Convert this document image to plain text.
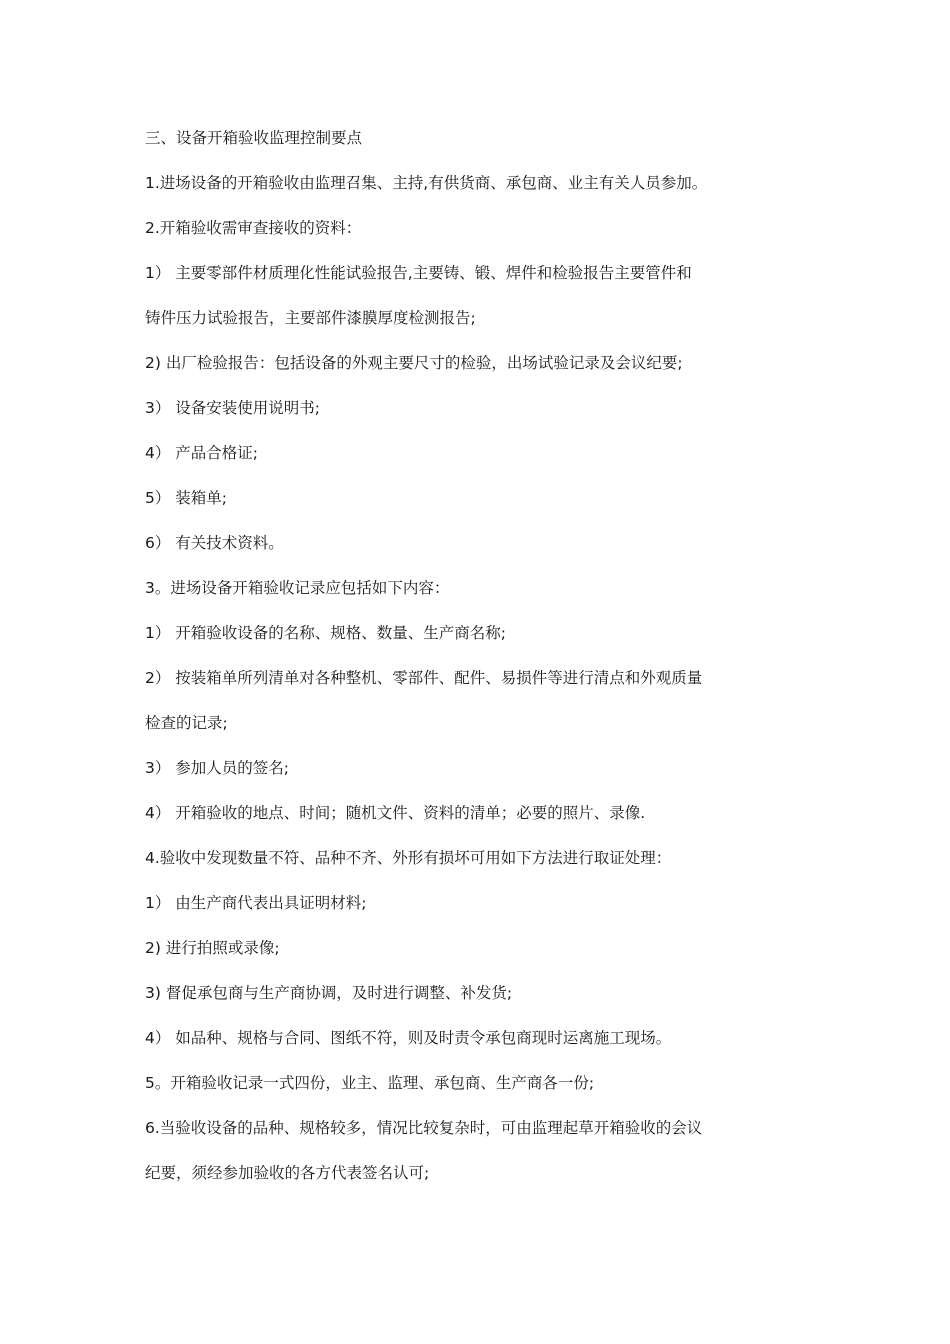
三、设备开箱验收监理控制要点
1.进场设备的开箱验收由监理召集、主持,有供货商、承包商、业主有关人员参加。
2.开箱验收需审查接收的资料：
1） 主要零部件材质理化性能试验报告,主要铸、锻、焊件和检验报告主要管件和
铸件压力试验报告，主要部件漆膜厚度检测报告;
2) 出厂检验报告：包括设备的外观主要尺寸的检验，出场试验记录及会议纪要;
3） 设备安装使用说明书;
4） 产品合格证;
5） 装箱单;
6） 有关技术资料。
3。进场设备开箱验收记录应包括如下内容：
1） 开箱验收设备的名称、规格、数量、生产商名称;
2） 按装箱单所列清单对各种整机、零部件、配件、易损件等进行清点和外观质量
检查的记录;
3） 参加人员的签名;
4） 开箱验收的地点、时间；随机文件、资料的清单；必要的照片、录像.
4.验收中发现数量不符、品种不齐、外形有损坏可用如下方法进行取证处理：
1） 由生产商代表出具证明材料;
2) 进行拍照或录像;
3) 督促承包商与生产商协调，及时进行调整、补发货;
4） 如品种、规格与合同、图纸不符，则及时责令承包商现时运离施工现场。
5。开箱验收记录一式四份，业主、监理、承包商、生产商各一份;
6.当验收设备的品种、规格较多，情况比较复杂时，可由监理起草开箱验收的会议
纪要，须经参加验收的各方代表签名认可;
